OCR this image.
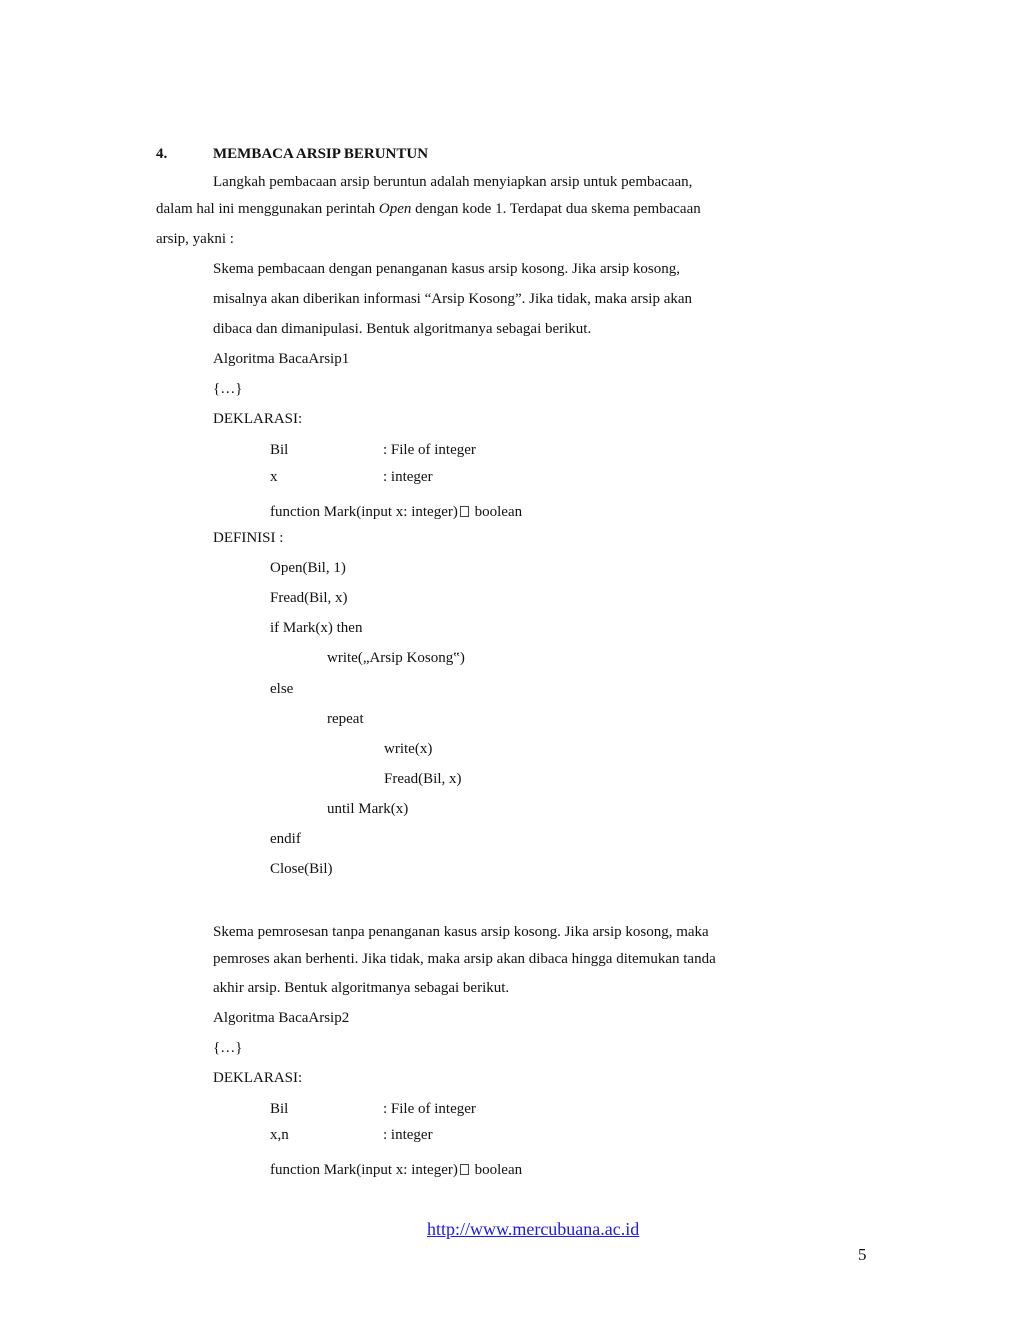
4.	MEMBACA ARSIP BERUNTUN
Langkah pembacaan arsip beruntun adalah menyiapkan arsip untuk pembacaan,
dalam hal ini menggunakan perintah Open dengan kode 1. Terdapat dua skema pembacaan
arsip, yakni :
Skema pembacaan dengan penanganan kasus arsip kosong. Jika arsip kosong,
misalnya akan diberikan informasi “Arsip Kosong”. Jika tidak, maka arsip akan
dibaca dan dimanipulasi. Bentuk algoritmanya sebagai berikut.
Algoritma BacaArsip1
{…}
DEKLARASI:
Bil	: File of integer
x	: integer
function Mark(input x: integer) boolean
DEFINISI :
Open(Bil, 1)
Fread(Bil, x)
if Mark(x) then
write(„Arsip Kosong‟)
else
repeat
write(x)
Fread(Bil, x)
until Mark(x)
endif
Close(Bil)
Skema pemrosesan tanpa penanganan kasus arsip kosong. Jika arsip kosong, maka
pemroses akan berhenti. Jika tidak, maka arsip akan dibaca hingga ditemukan tanda
akhir arsip. Bentuk algoritmanya sebagai berikut.
Algoritma BacaArsip2
{…}
DEKLARASI:
Bil	: File of integer
x,n	: integer
function Mark(input x: integer) boolean
http://www.mercubuana.ac.id
5
